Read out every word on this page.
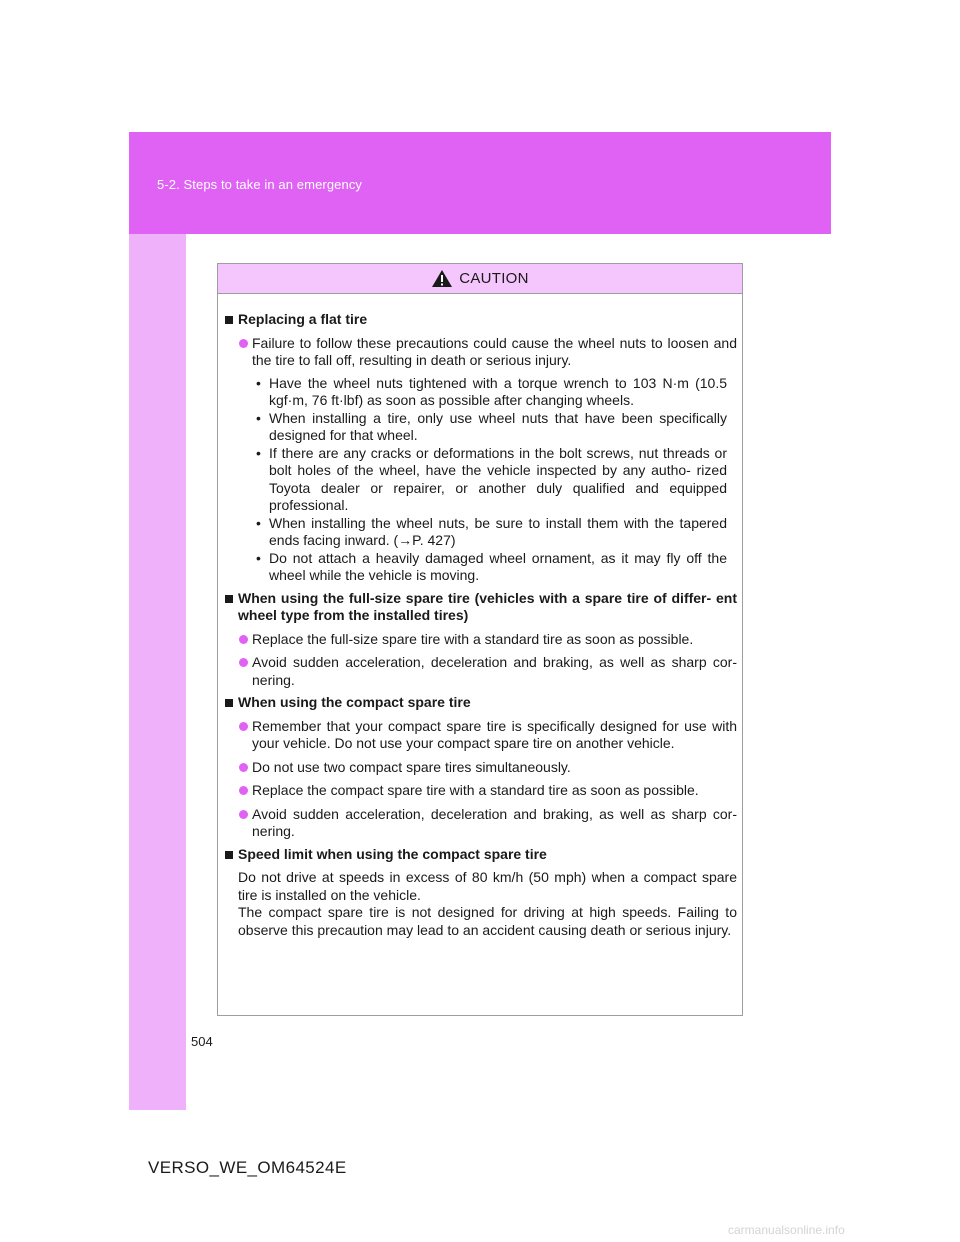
5-2. Steps to take in an emergency
CAUTION
Replacing a flat tire
Failure to follow these precautions could cause the wheel nuts to loosen and the tire to fall off, resulting in death or serious injury.
• Have the wheel nuts tightened with a torque wrench to 103 N·m (10.5 kgf·m, 76 ft·lbf) as soon as possible after changing wheels.
• When installing a tire, only use wheel nuts that have been specifically designed for that wheel.
• If there are any cracks or deformations in the bolt screws, nut threads or bolt holes of the wheel, have the vehicle inspected by any autho- rized Toyota dealer or repairer, or another duly qualified and equipped professional.
• When installing the wheel nuts, be sure to install them with the tapered ends facing inward. (→P. 427)
• Do not attach a heavily damaged wheel ornament, as it may fly off the wheel while the vehicle is moving.
When using the full-size spare tire (vehicles with a spare tire of differ- ent wheel type from the installed tires)
Replace the full-size spare tire with a standard tire as soon as possible.
Avoid sudden acceleration, deceleration and braking, as well as sharp cor- nering.
When using the compact spare tire
Remember that your compact spare tire is specifically designed for use with your vehicle. Do not use your compact spare tire on another vehicle.
Do not use two compact spare tires simultaneously.
Replace the compact spare tire with a standard tire as soon as possible.
Avoid sudden acceleration, deceleration and braking, as well as sharp cor- nering.
Speed limit when using the compact spare tire
Do not drive at speeds in excess of 80 km/h (50 mph) when a compact spare tire is installed on the vehicle.
The compact spare tire is not designed for driving at high speeds. Failing to observe this precaution may lead to an accident causing death or serious injury.
504
VERSO_WE_OM64524E
carmanualsonline.info
